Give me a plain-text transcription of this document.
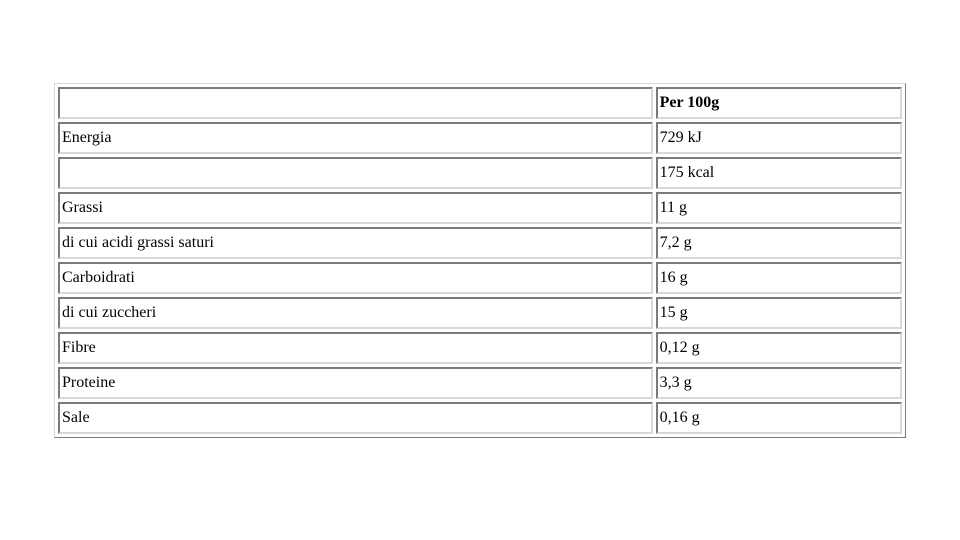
	Per 100g
Energia	729 kJ
	175 kcal
Grassi	11 g
di cui acidi grassi saturi	7,2 g
Carboidrati	16 g
di cui zuccheri	15 g
Fibre	0,12 g
Proteine	3,3 g
Sale	0,16 g
